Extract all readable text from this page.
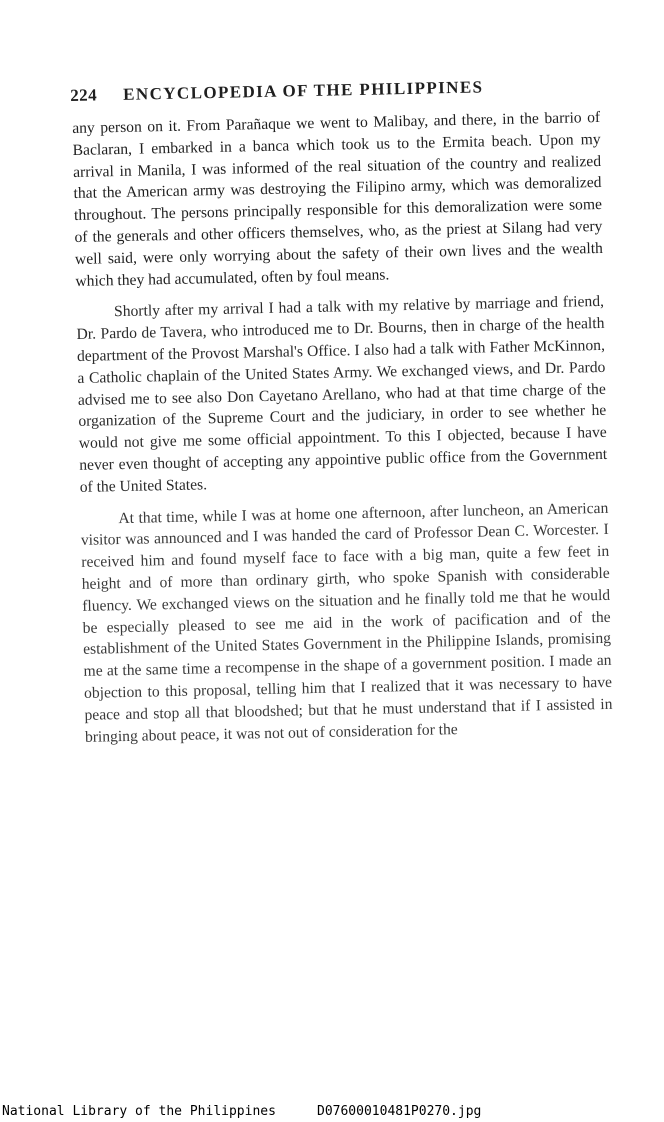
224 ENCYCLOPEDIA OF THE PHILIPPINES

any person on it. From Parañaque we went to Malibay, and there, in the barrio of Baclaran, I embarked in a banca which took us to the Ermita beach. Upon my arrival in Manila, I was informed of the real situation of the country and realized that the American army was destroying the Filipino army, which was demoralized throughout. The persons principally responsible for this demoralization were some of the generals and other officers themselves, who, as the priest at Silang had very well said, were only worrying about the safety of their own lives and the wealth which they had accumulated, often by foul means.

Shortly after my arrival I had a talk with my relative by marriage and friend, Dr. Pardo de Tavera, who introduced me to Dr. Bourns, then in charge of the health department of the Provost Marshal's Office. I also had a talk with Father McKinnon, a Catholic chaplain of the United States Army. We exchanged views, and Dr. Pardo advised me to see also Don Cayetano Arellano, who had at that time charge of the organization of the Supreme Court and the judiciary, in order to see whether he would not give me some official appointment. To this I objected, because I have never even thought of accepting any appointive public office from the Government of the United States.

At that time, while I was at home one afternoon, after luncheon, an American visitor was announced and I was handed the card of Professor Dean C. Worcester. I received him and found myself face to face with a big man, quite a few feet in height and of more than ordinary girth, who spoke Spanish with considerable fluency. We exchanged views on the situation and he finally told me that he would be especially pleased to see me aid in the work of pacification and of the establishment of the United States Government in the Philippine Islands, promising me at the same time a recompense in the shape of a government position. I made an objection to this proposal, telling him that I realized that it was necessary to have peace and stop all that bloodshed; but that he must understand that if I assisted in bringing about peace, it was not out of consideration for the

National Library of the Philippines	D07600010481P0270.jpg
